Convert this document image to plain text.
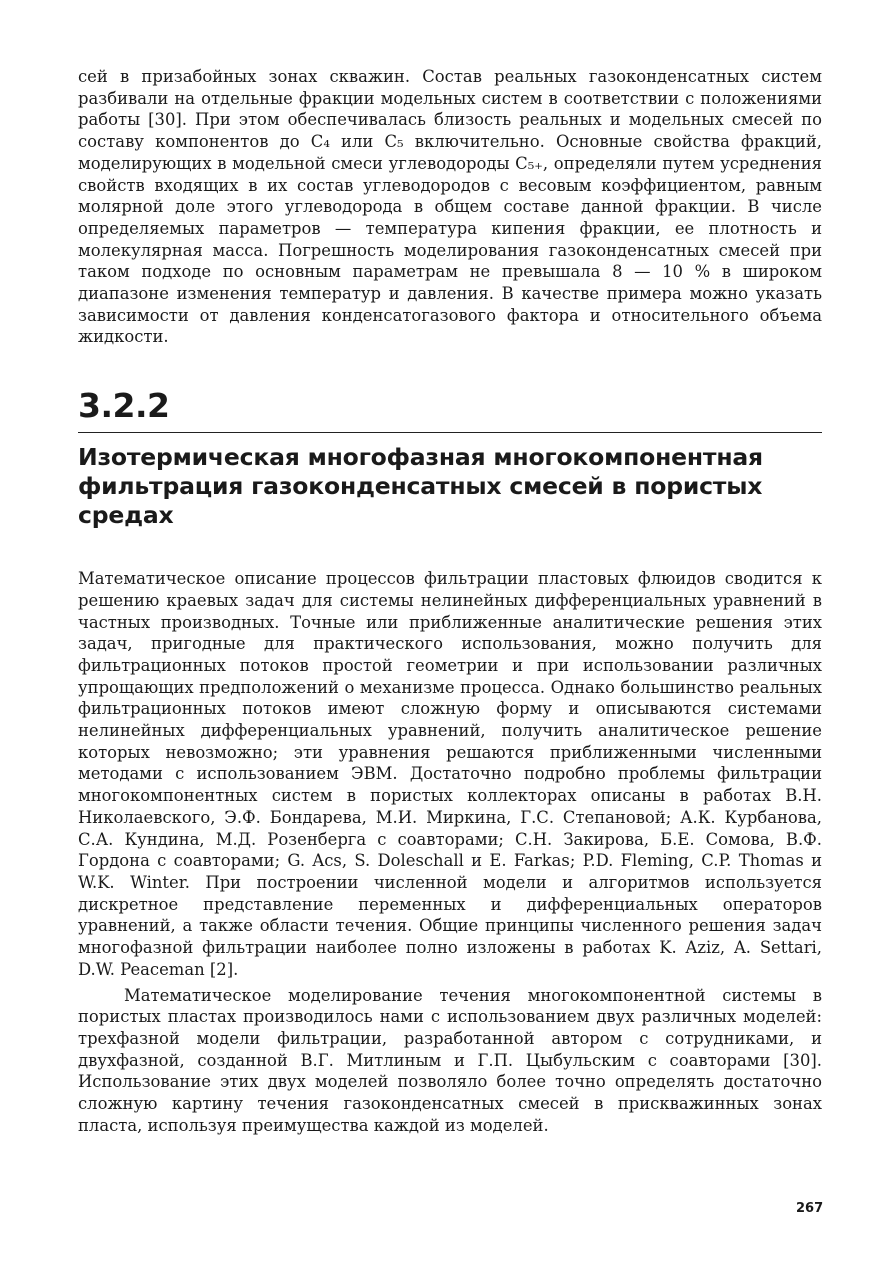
сей в призабойных зонах скважин. Состав реальных газоконденсатных систем разбивали на отдельные фракции модельных систем в соответствии с положениями работы [30]. При этом обеспечивалась близость реальных и модельных смесей по составу компонентов до C₄ или C₅ включительно. Основные свойства фракций, моделирующих в модельной смеси углеводороды C₅₊, определяли путем усреднения свойств входящих в их состав углеводородов с весовым коэффициентом, равным молярной доле этого углеводорода в общем составе данной фракции. В числе определяемых параметров — температура кипения фракции, ее плотность и молекулярная масса. Погрешность моделирования газоконденсатных смесей при таком подходе по основным параметрам не превышала 8 — 10 % в широком диапазоне изменения температур и давления. В качестве примера можно указать зависимости от давления конденсатогазового фактора и относительного объема жидкости.

3.2.2
Изотермическая многофазная многокомпонентная фильтрация газоконденсатных смесей в пористых средах

Математическое описание процессов фильтрации пластовых флюидов сводится к решению краевых задач для системы нелинейных дифференциальных уравнений в частных производных. Точные или приближенные аналитические решения этих задач, пригодные для практического использования, можно получить для фильтрационных потоков простой геометрии и при использовании различных упрощающих предположений о механизме процесса. Однако большинство реальных фильтрационных потоков имеют сложную форму и описываются системами нелинейных дифференциальных уравнений, получить аналитическое решение которых невозможно; эти уравнения решаются приближенными численными методами с использованием ЭВМ. Достаточно подробно проблемы фильтрации многокомпонентных систем в пористых коллекторах описаны в работах В.Н. Николаевского, Э.Ф. Бондарева, М.И. Миркина, Г.С. Степановой; А.К. Курбанова, С.А. Кундина, М.Д. Розенберга с соавторами; С.Н. Закирова, Б.Е. Сомова, В.Ф. Гордона с соавторами; G. Acs, S. Doleschall и E. Farkas; P.D. Fleming, C.P. Thomas и W.K. Winter. При построении численной модели и алгоритмов используется дискретное представление переменных и дифференциальных операторов уравнений, а также области течения. Общие принципы численного решения задач многофазной фильтрации наиболее полно изложены в работах K. Aziz, A. Settari, D.W. Peaceman [2].

Математическое моделирование течения многокомпонентной системы в пористых пластах производилось нами с использованием двух различных моделей: трехфазной модели фильтрации, разработанной автором с сотрудниками, и двухфазной, созданной В.Г. Митлиным и Г.П. Цыбульским с соавторами [30]. Использование этих двух моделей позволяло более точно определять достаточно сложную картину течения газоконденсатных смесей в прискважинных зонах пласта, используя преимущества каждой из моделей.

267
